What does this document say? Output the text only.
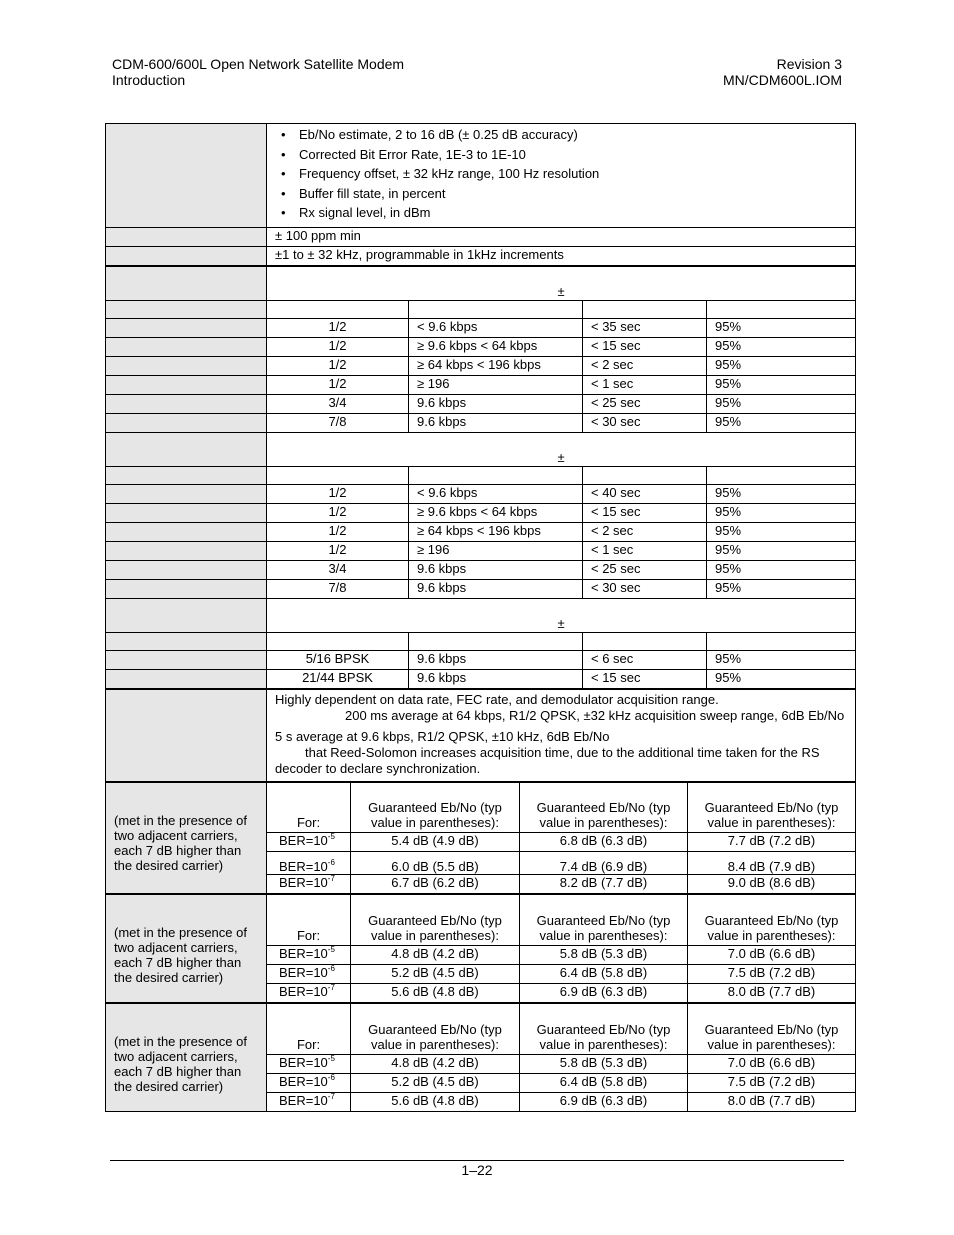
CDM-600/600L Open Network Satellite Modem
Introduction
Revision 3
MN/CDM600L.IOM

	• Eb/No estimate, 2 to 16 dB (± 0.25 dB accuracy)
• Corrected Bit Error Rate, 1E-3 to 1E-10
• Frequency offset, ± 32 kHz range, 100 Hz resolution
• Buffer fill state, in percent
• Rx signal level, in dBm

	± 100 ppm min
	±1 to ± 32 kHz, programmable in 1kHz increments
	±			

	1/2	< 9.6 kbps	< 35 sec	95%
	1/2	≥ 9.6 kbps < 64 kbps	< 15 sec	95%
	1/2	≥ 64 kbps < 196 kbps	< 2 sec	95%
	1/2	≥ 196	< 1 sec	95%
	3/4	9.6 kbps	< 25 sec	95%
	7/8	9.6 kbps	< 30 sec	95%
	±			

	1/2	< 9.6 kbps	< 40 sec	95%
	1/2	≥ 9.6 kbps < 64 kbps	< 15 sec	95%
	1/2	≥ 64 kbps < 196 kbps	< 2 sec	95%
	1/2	≥ 196	< 1 sec	95%
	3/4	9.6 kbps	< 25 sec	95%
	7/8	9.6 kbps	< 30 sec	95%
	±			

	5/16 BPSK	9.6 kbps	< 6 sec	95%
	21/44 BPSK	9.6 kbps	< 15 sec	95%

Highly dependent on data rate, FEC rate, and demodulator acquisition range.
200 ms average at 64 kbps, R1/2 QPSK, ±32 kHz acquisition sweep range, 6dB Eb/No
5 s average at 9.6 kbps, R1/2 QPSK, ±10 kHz, 6dB Eb/No
that Reed-Solomon increases acquisition time, due to the additional time taken for the RS
decoder to declare synchronization.
(met in the presence of two adjacent carriers, each 7 dB higher than the desired carrier)	For:	Guaranteed Eb/No (typ value in parentheses):	Guaranteed Eb/No (typ value in parentheses):	Guaranteed Eb/No (typ value in parentheses):
	$BER=10^{-5}$	5.4 dB (4.9 dB)	6.8 dB (6.3 dB)	7.7 dB (7.2 dB)
	$BER=10^{-6}$	6.0 dB (5.5 dB)	7.4 dB (6.9 dB)	8.4 dB (7.9 dB)
	$BER=10^{-7}$	6.7 dB (6.2 dB)	8.2 dB (7.7 dB)	9.0 dB (8.6 dB)
(met in the presence of two adjacent carriers, each 7 dB higher than the desired carrier)	For:	Guaranteed Eb/No (typ value in parentheses):	Guaranteed Eb/No (typ value in parentheses):	Guaranteed Eb/No (typ value in parentheses):
	$BER=10^{-5}$	4.8 dB (4.2 dB)	5.8 dB (5.3 dB)	7.0 dB (6.6 dB)
	$BER=10^{-6}$	5.2 dB (4.5 dB)	6.4 dB (5.8 dB)	7.5 dB (7.2 dB)
	$BER=10^{-7}$	5.6 dB (4.8 dB)	6.9 dB (6.3 dB)	8.0 dB (7.7 dB)
(met in the presence of two adjacent carriers, each 7 dB higher than the desired carrier)	For:	Guaranteed Eb/No (typ value in parentheses):	Guaranteed Eb/No (typ value in parentheses):	Guaranteed Eb/No (typ value in parentheses):
	$BER=10^{-5}$	4.8 dB (4.2 dB)	5.8 dB (5.3 dB)	7.0 dB (6.6 dB)
	$BER=10^{-6}$	5.2 dB (4.5 dB)	6.4 dB (5.8 dB)	7.5 dB (7.2 dB)
	$BER=10^{-7}$	5.6 dB (4.8 dB)	6.9 dB (6.3 dB)	8.0 dB (7.7 dB)
1–22
